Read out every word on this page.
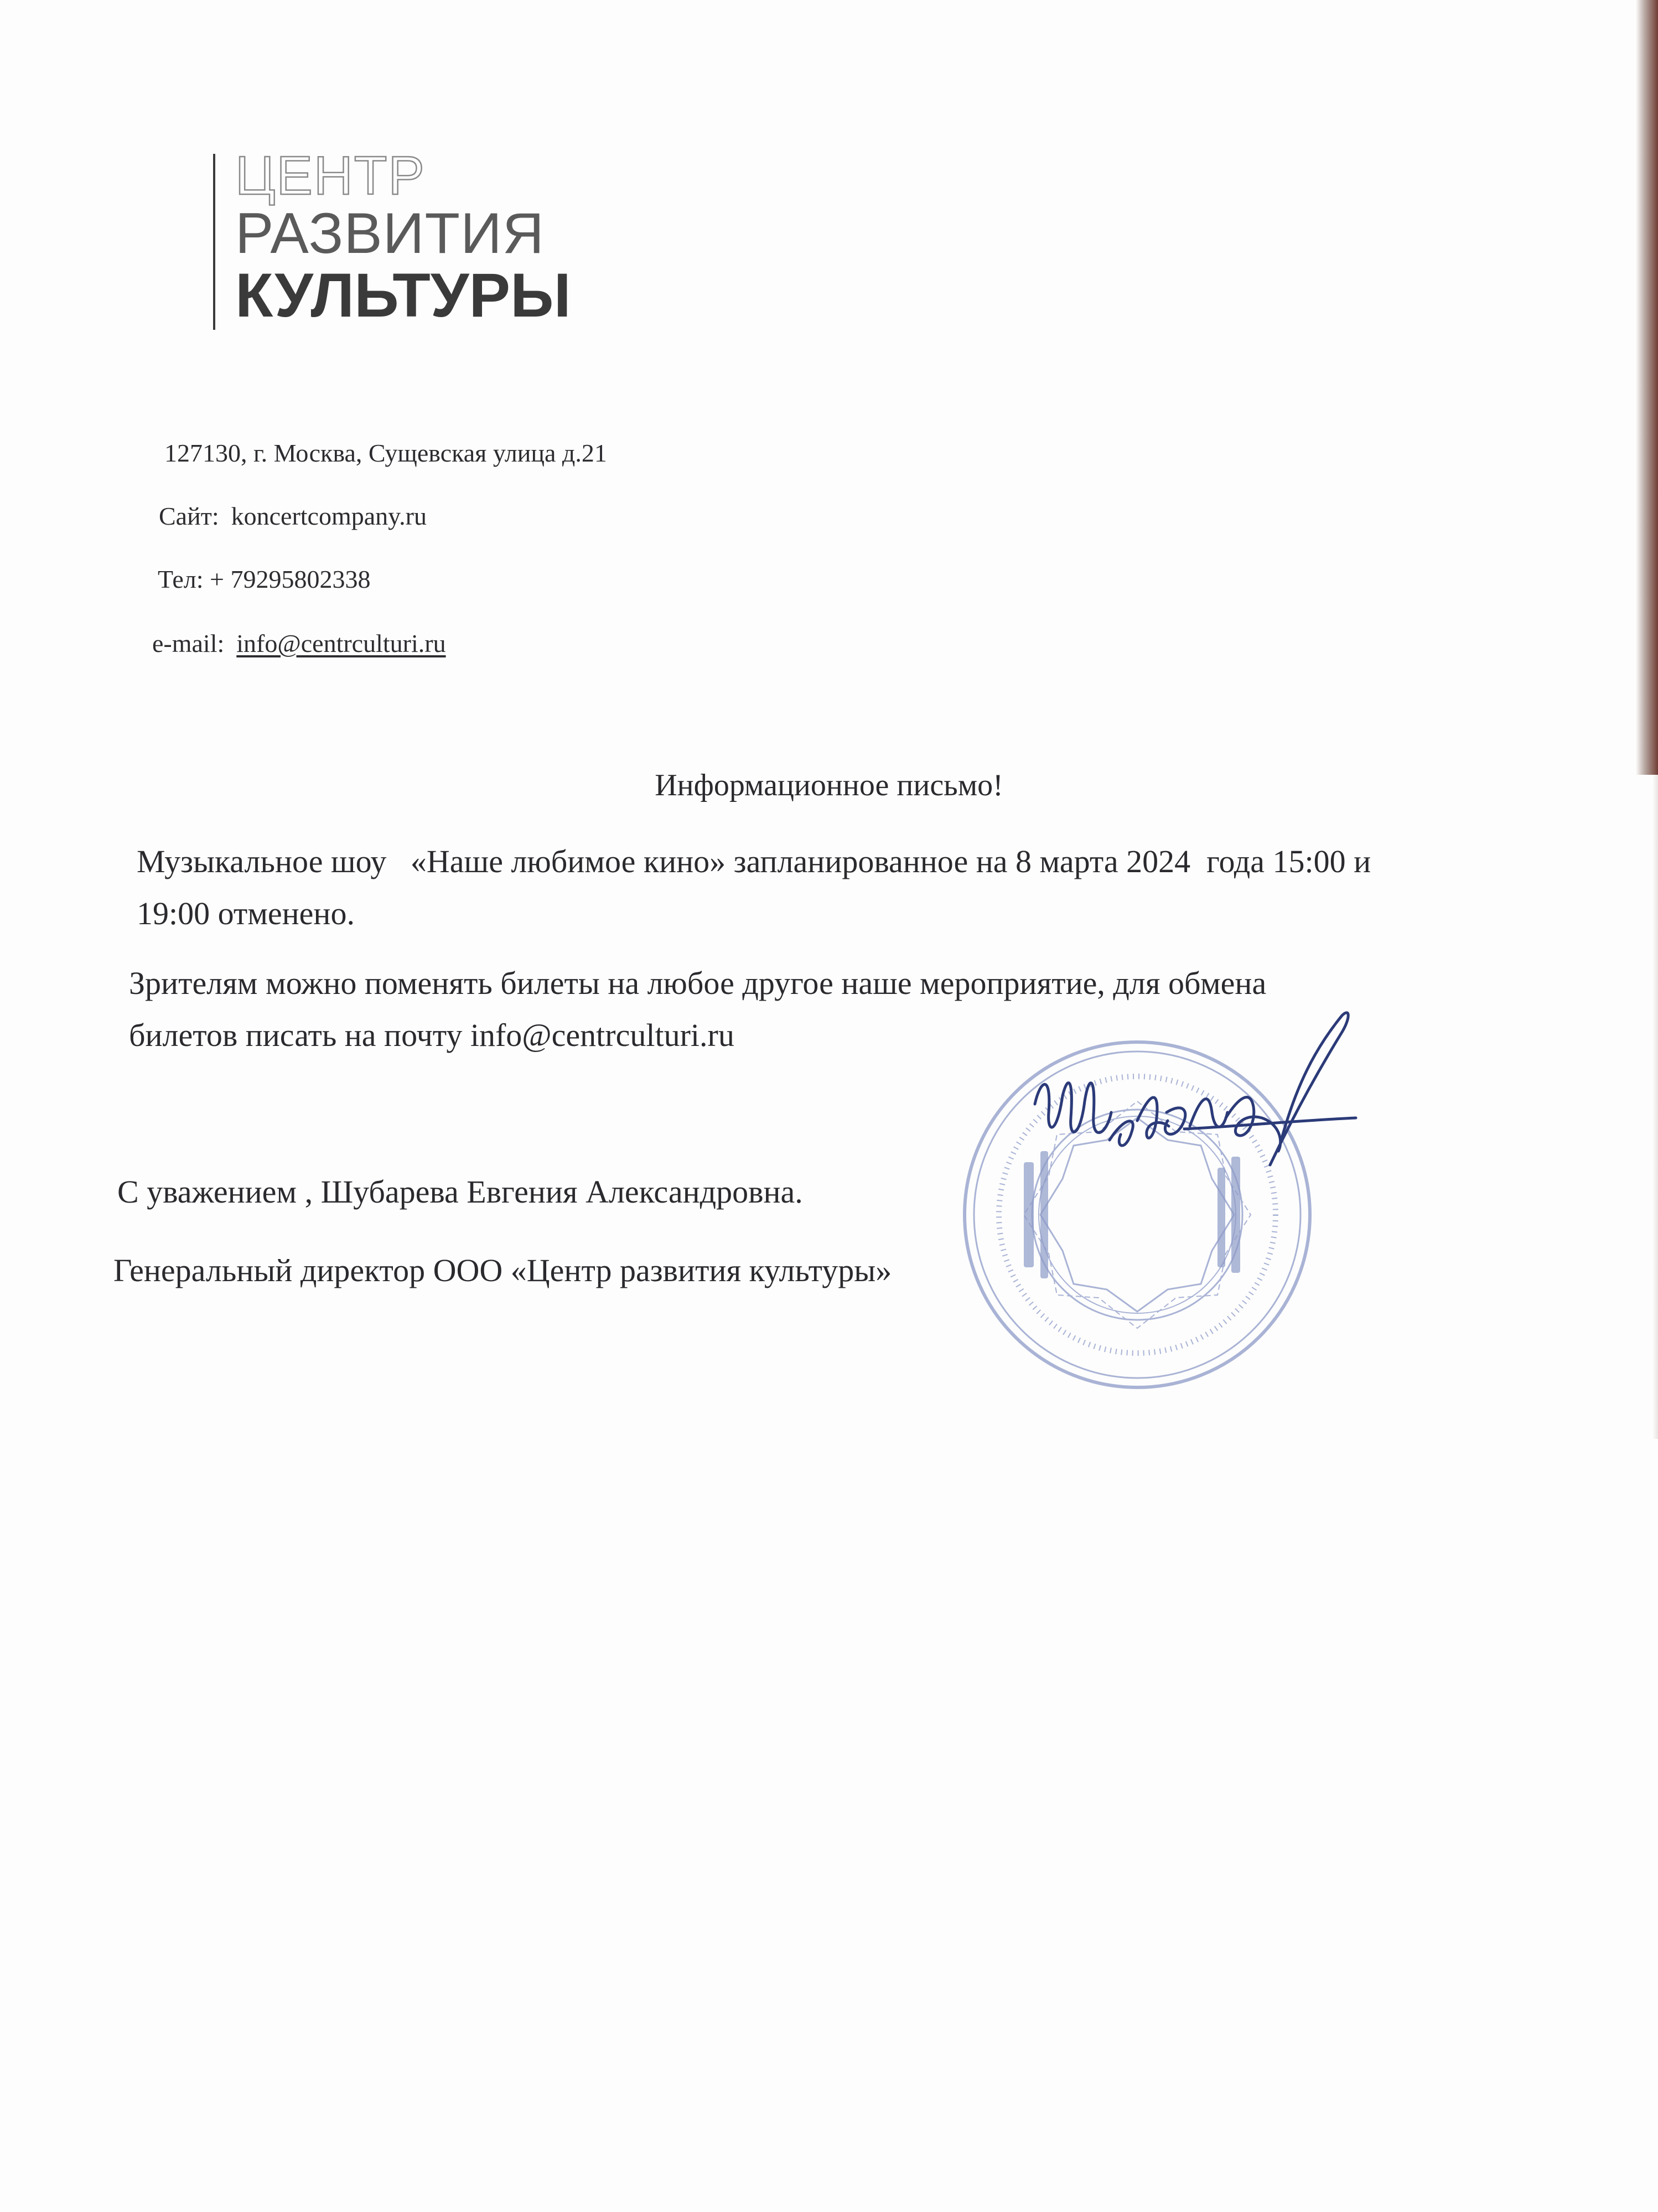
ЦЕНТР
РАЗВИТИЯ
КУЛЬТУРЫ
127130, г. Москва, Сущевская улица д.21
Сайт: koncertcompany.ru
Тел: + 79295802338
e-mail: info@centrculturi.ru
Информационное письмо!
Музыкальное шоу   «Наше любимое кино» запланированное на 8 марта 2024  года 15:00 и
19:00 отменено.
Зрителям можно поменять билеты на любое другое наше мероприятие, для обмена
билетов писать на почту info@centrculturi.ru
С уважением , Шубарева Евгения Александровна.
Генеральный директор ООО «Центр развития культуры»
